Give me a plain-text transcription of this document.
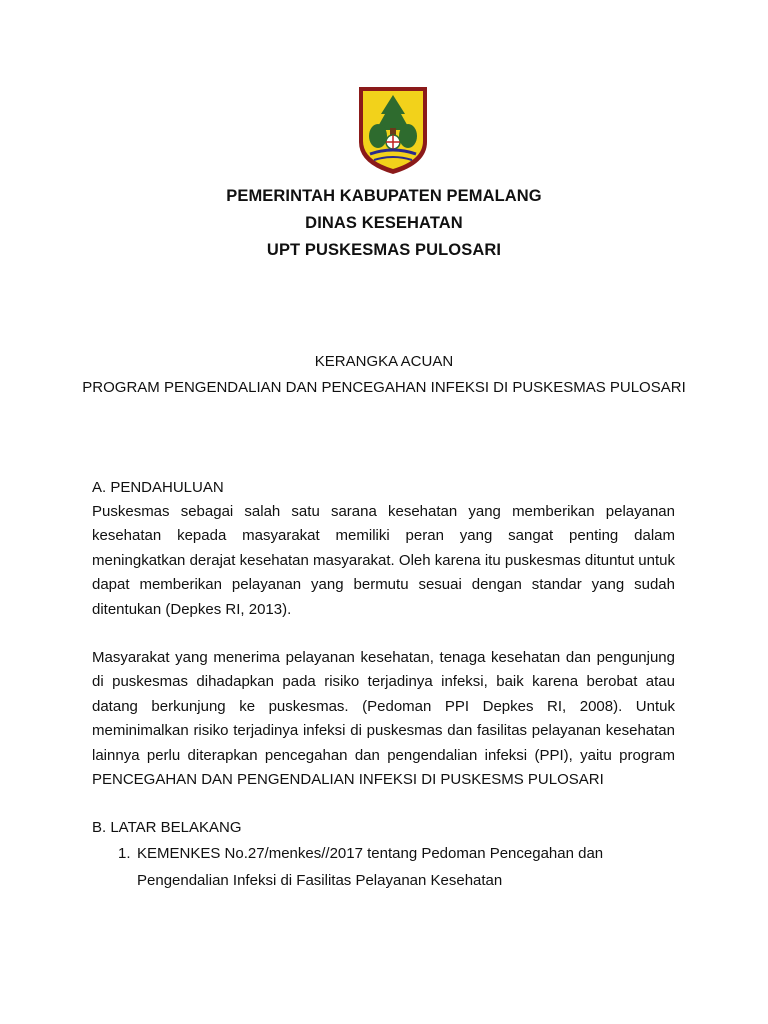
PEMERINTAH KABUPATEN PEMALANG
DINAS KESEHATAN
UPT PUSKESMAS PULOSARI
KERANGKA ACUAN
PROGRAM PENGENDALIAN DAN PENCEGAHAN INFEKSI DI PUSKESMAS PULOSARI
A. PENDAHULUAN

Puskesmas sebagai salah satu sarana kesehatan yang memberikan pelayanan kesehatan kepada masyarakat memiliki peran yang sangat penting dalam meningkatkan derajat kesehatan masyarakat. Oleh karena itu puskesmas dituntut untuk dapat memberikan pelayanan yang bermutu sesuai dengan standar yang sudah ditentukan (Depkes RI, 2013).

Masyarakat yang menerima pelayanan kesehatan, tenaga kesehatan dan pengunjung di puskesmas dihadapkan pada risiko terjadinya infeksi, baik karena berobat atau datang berkunjung ke puskesmas. (Pedoman PPI Depkes RI, 2008). Untuk meminimalkan risiko terjadinya infeksi di puskesmas dan fasilitas pelayanan kesehatan lainnya perlu diterapkan pencegahan dan pengendalian infeksi (PPI), yaitu program PENCEGAHAN DAN PENGENDALIAN INFEKSI DI PUSKESMS PULOSARI

B. LATAR BELAKANG
1. KEMENKES No.27/menkes//2017 tentang Pedoman Pencegahan dan Pengendalian Infeksi di Fasilitas Pelayanan Kesehatan
